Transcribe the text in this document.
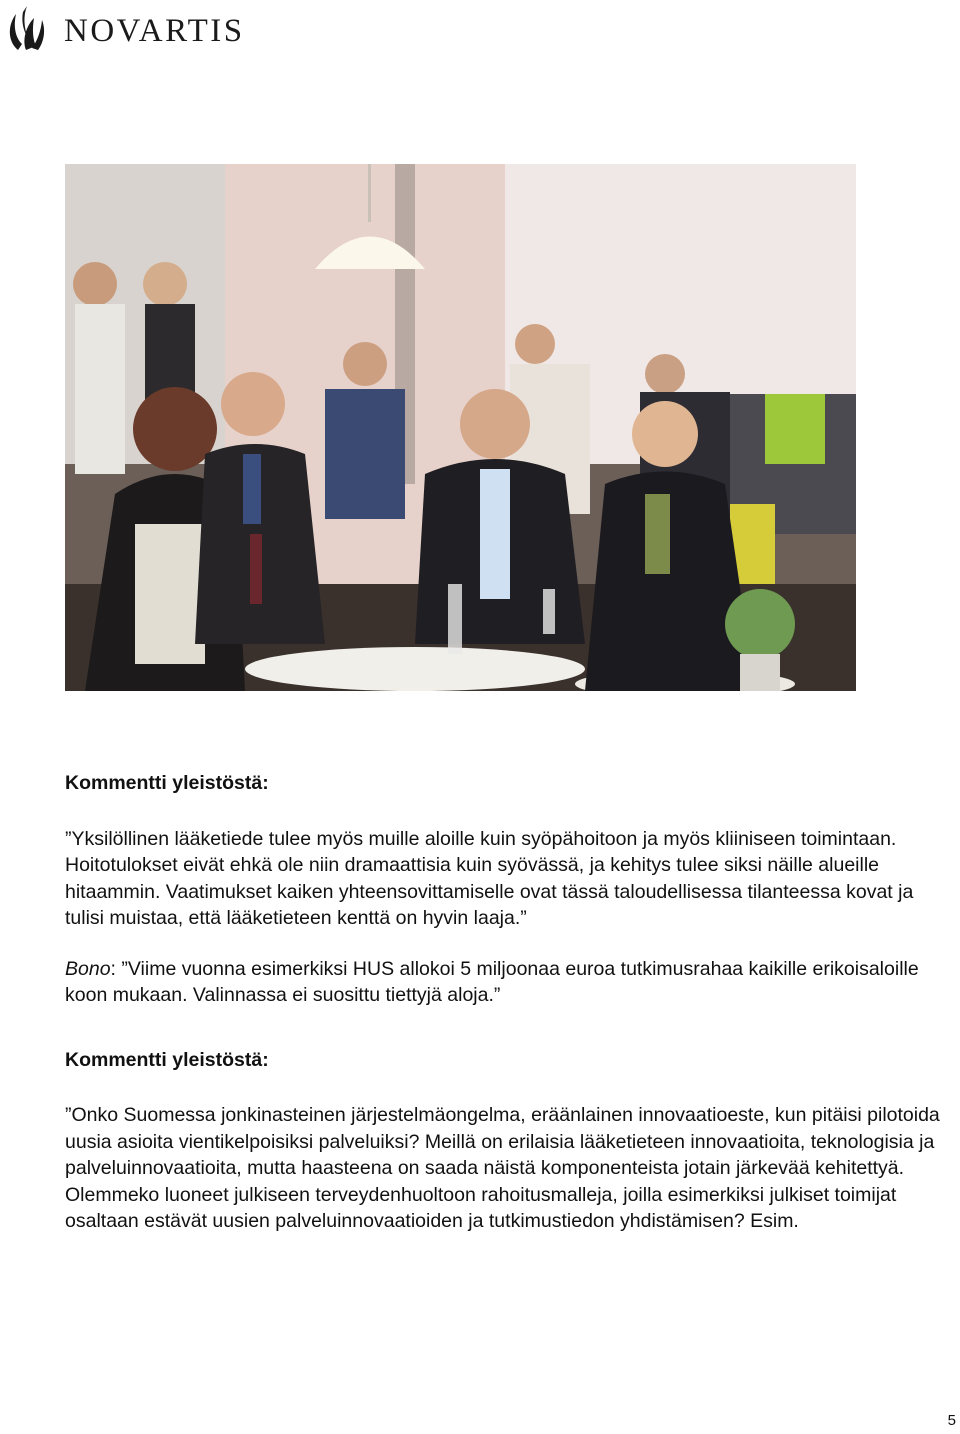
NOVARTIS

Kommentti yleistöstä:

”Yksilöllinen lääketiede tulee myös muille aloille kuin syöpähoitoon ja myös kliiniseen toimintaan. Hoitotulokset eivät ehkä ole niin dramaattisia kuin syövässä, ja kehitys tulee siksi näille alueille hitaammin. Vaatimukset kaiken yhteensovittamiselle ovat tässä taloudellisessa tilanteessa kovat ja tulisi muistaa, että lääketieteen kenttä on hyvin laaja.”

Bono: ”Viime vuonna esimerkiksi HUS allokoi 5 miljoonaa euroa tutkimusrahaa kaikille erikoisaloille koon mukaan. Valinnassa ei suosittu tiettyjä aloja.”

Kommentti yleistöstä:

”Onko Suomessa jonkinasteinen järjestelmäongelma, eräänlainen innovaatioeste, kun pitäisi pilotoida uusia asioita vientikelpoisiksi palveluiksi? Meillä on erilaisia lääketieteen innovaatioita, teknologisia ja palveluinnovaatioita, mutta haasteena on saada näistä komponenteista jotain järkevää kehitettyä.

Olemmeko luoneet julkiseen terveydenhuoltoon rahoitusmalleja, joilla esimerkiksi julkiset toimijat osaltaan estävät uusien palveluinnovaatioiden ja tutkimustiedon yhdistämisen? Esim.

5
